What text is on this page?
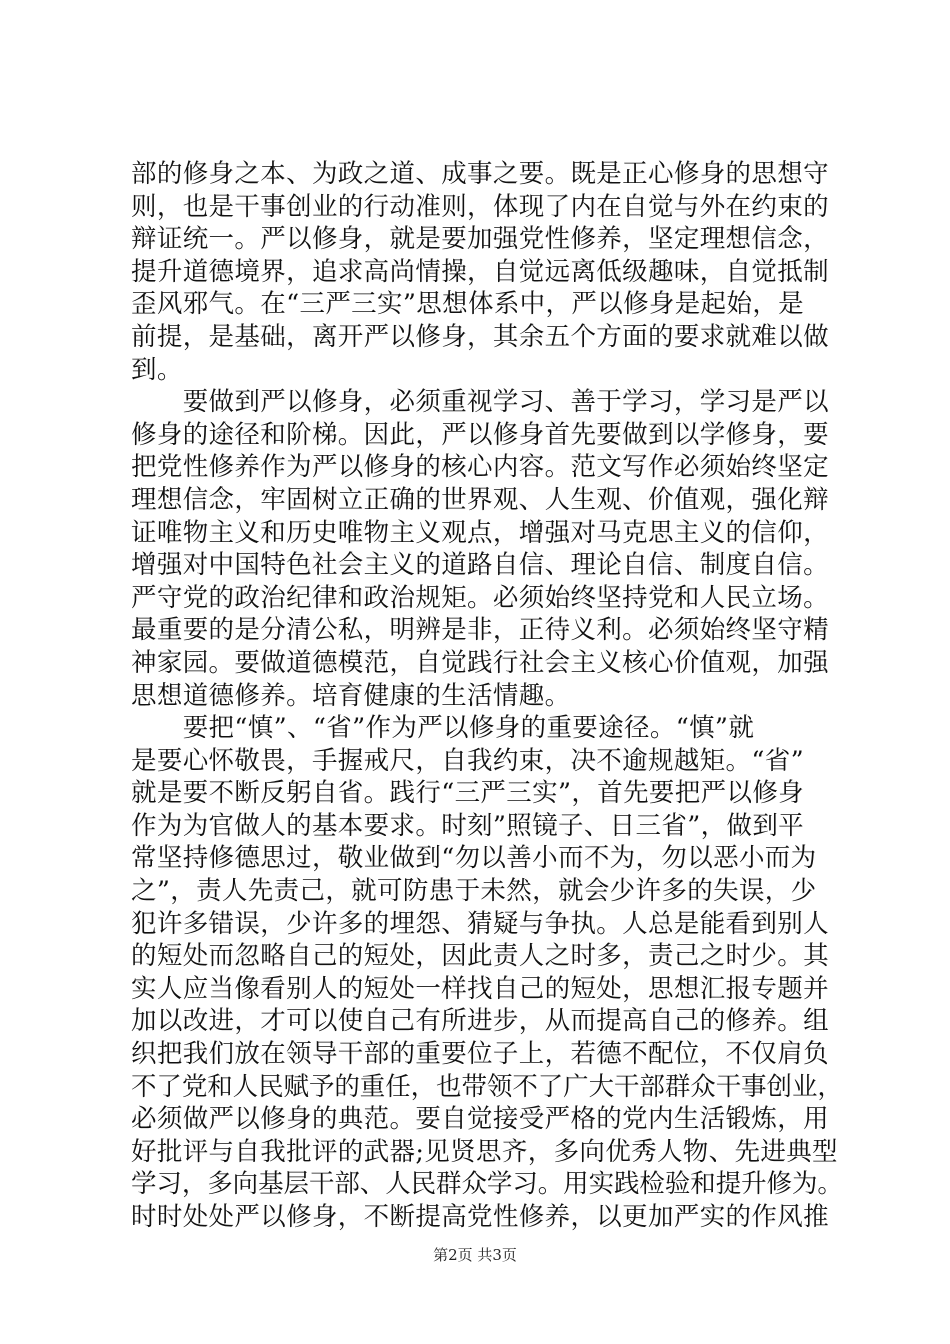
部的修身之本、为政之道、成事之要。既是正心修身的思想守
则，也是干事创业的行动准则，体现了内在自觉与外在约束的
辩证统一。严以修身，就是要加强党性修养，坚定理想信念，
提升道德境界，追求高尚情操，自觉远离低级趣味，自觉抵制
歪风邪气。在“三严三实”思想体系中，严以修身是起始，是
前提，是基础，离开严以修身，其余五个方面的要求就难以做
到。
　　要做到严以修身，必须重视学习、善于学习，学习是严以
修身的途径和阶梯。因此，严以修身首先要做到以学修身，要
把党性修养作为严以修身的核心内容。范文写作必须始终坚定
理想信念，牢固树立正确的世界观、人生观、价值观，强化辩
证唯物主义和历史唯物主义观点，增强对马克思主义的信仰，
增强对中国特色社会主义的道路自信、理论自信、制度自信。
严守党的政治纪律和政治规矩。必须始终坚持党和人民立场。
最重要的是分清公私，明辨是非，正待义利。必须始终坚守精
神家园。要做道德模范，自觉践行社会主义核心价值观，加强
思想道德修养。培育健康的生活情趣。
　　要把“慎”、“省”作为严以修身的重要途径。“慎”就
是要心怀敬畏，手握戒尺，自我约束，决不逾规越矩。“省”
就是要不断反躬自省。践行“三严三实”，首先要把严以修身
作为为官做人的基本要求。时刻”照镜子、日三省”，做到平
常坚持修德思过，敬业做到“勿以善小而不为，勿以恶小而为
之”，责人先责己，就可防患于未然，就会少许多的失误，少
犯许多错误，少许多的埋怨、猜疑与争执。人总是能看到别人
的短处而忽略自己的短处，因此责人之时多，责己之时少。其
实人应当像看别人的短处一样找自己的短处，思想汇报专题并
加以改进，才可以使自己有所进步，从而提高自己的修养。组
织把我们放在领导干部的重要位子上，若德不配位，不仅肩负
不了党和人民赋予的重任，也带领不了广大干部群众干事创业，
必须做严以修身的典范。要自觉接受严格的党内生活锻炼，用
好批评与自我批评的武器;见贤思齐，多向优秀人物、先进典型
学习，多向基层干部、人民群众学习。用实践检验和提升修为。
时时处处严以修身，不断提高党性修养，以更加严实的作风推
第2页 共3页
